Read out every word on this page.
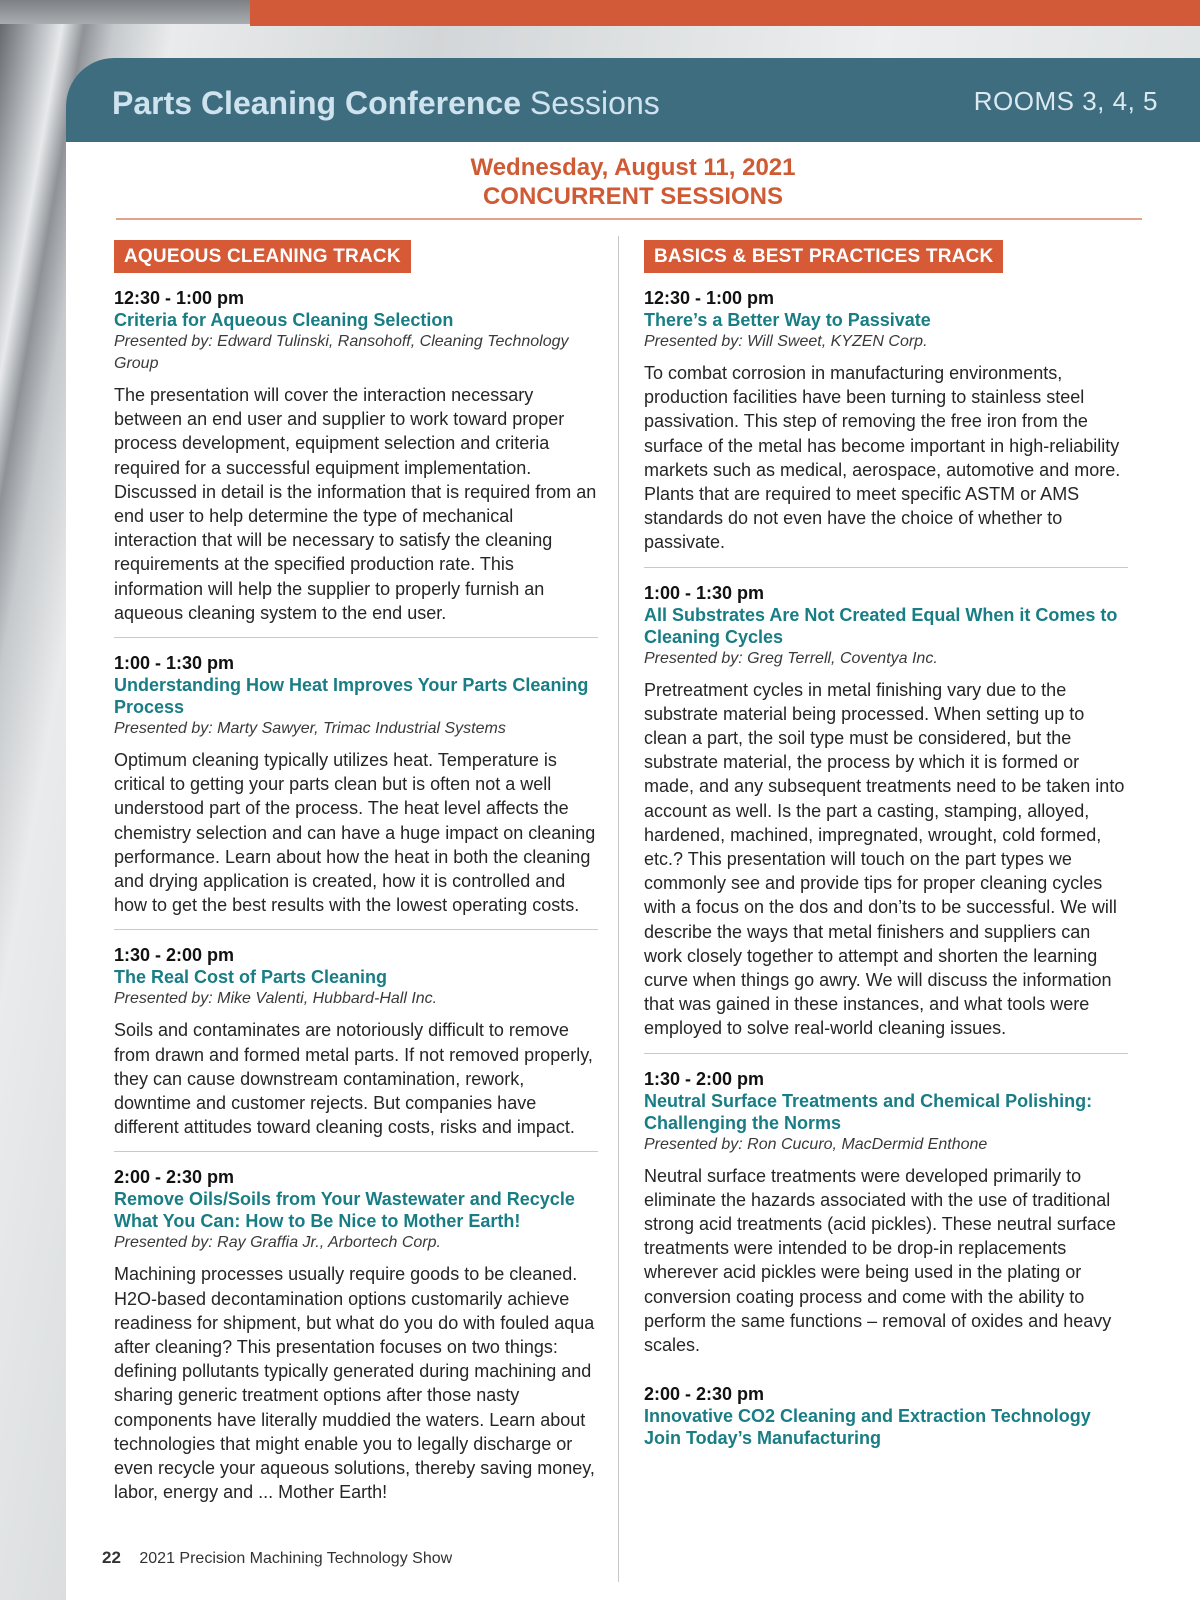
Parts Cleaning Conference Sessions	ROOMS 3, 4, 5
Wednesday, August 11, 2021
CONCURRENT SESSIONS
AQUEOUS CLEANING TRACK
12:30 - 1:00 pm
Criteria for Aqueous Cleaning Selection
Presented by: Edward Tulinski, Ransohoff, Cleaning Technology Group
The presentation will cover the interaction necessary between an end user and supplier to work toward proper process development, equipment selection and criteria required for a successful equipment implementation. Discussed in detail is the information that is required from an end user to help determine the type of mechanical interaction that will be necessary to satisfy the cleaning requirements at the specified production rate. This information will help the supplier to properly furnish an aqueous cleaning system to the end user.
1:00 - 1:30 pm
Understanding How Heat Improves Your Parts Cleaning Process
Presented by: Marty Sawyer, Trimac Industrial Systems
Optimum cleaning typically utilizes heat. Temperature is critical to getting your parts clean but is often not a well understood part of the process. The heat level affects the chemistry selection and can have a huge impact on cleaning performance. Learn about how the heat in both the cleaning and drying application is created, how it is controlled and how to get the best results with the lowest operating costs.
1:30 - 2:00 pm
The Real Cost of Parts Cleaning
Presented by: Mike Valenti, Hubbard-Hall Inc.
Soils and contaminates are notoriously difficult to remove from drawn and formed metal parts. If not removed properly, they can cause downstream contamination, rework, downtime and customer rejects. But companies have different attitudes toward cleaning costs, risks and impact.
2:00 - 2:30 pm
Remove Oils/Soils from Your Wastewater and Recycle What You Can: How to Be Nice to Mother Earth!
Presented by: Ray Graffia Jr., Arbortech Corp.
Machining processes usually require goods to be cleaned. H2O-based decontamination options customarily achieve readiness for shipment, but what do you do with fouled aqua after cleaning? This presentation focuses on two things: defining pollutants typically generated during machining and sharing generic treatment options after those nasty components have literally muddied the waters. Learn about technologies that might enable you to legally discharge or even recycle your aqueous solutions, thereby saving money, labor, energy and ... Mother Earth!
BASICS & BEST PRACTICES TRACK
12:30 - 1:00 pm
There’s a Better Way to Passivate
Presented by: Will Sweet, KYZEN Corp.
To combat corrosion in manufacturing environments, production facilities have been turning to stainless steel passivation. This step of removing the free iron from the surface of the metal has become important in high-reliability markets such as medical, aerospace, automotive and more. Plants that are required to meet specific ASTM or AMS standards do not even have the choice of whether to passivate.
1:00 - 1:30 pm
All Substrates Are Not Created Equal When it Comes to Cleaning Cycles
Presented by: Greg Terrell, Coventya Inc.
Pretreatment cycles in metal finishing vary due to the substrate material being processed. When setting up to clean a part, the soil type must be considered, but the substrate material, the process by which it is formed or made, and any subsequent treatments need to be taken into account as well. Is the part a casting, stamping, alloyed, hardened, machined, impregnated, wrought, cold formed, etc.? This presentation will touch on the part types we commonly see and provide tips for proper cleaning cycles with a focus on the dos and don’ts to be successful. We will describe the ways that metal finishers and suppliers can work closely together to attempt and shorten the learning curve when things go awry. We will discuss the information that was gained in these instances, and what tools were employed to solve real-world cleaning issues.
1:30 - 2:00 pm
Neutral Surface Treatments and Chemical Polishing: Challenging the Norms
Presented by: Ron Cucuro, MacDermid Enthone
Neutral surface treatments were developed primarily to eliminate the hazards associated with the use of traditional strong acid treatments (acid pickles). These neutral surface treatments were intended to be drop-in replacements wherever acid pickles were being used in the plating or conversion coating process and come with the ability to perform the same functions – removal of oxides and heavy scales.
2:00 - 2:30 pm
Innovative CO2 Cleaning and Extraction Technology Join Today’s Manufacturing
22 2021 Precision Machining Technology Show
